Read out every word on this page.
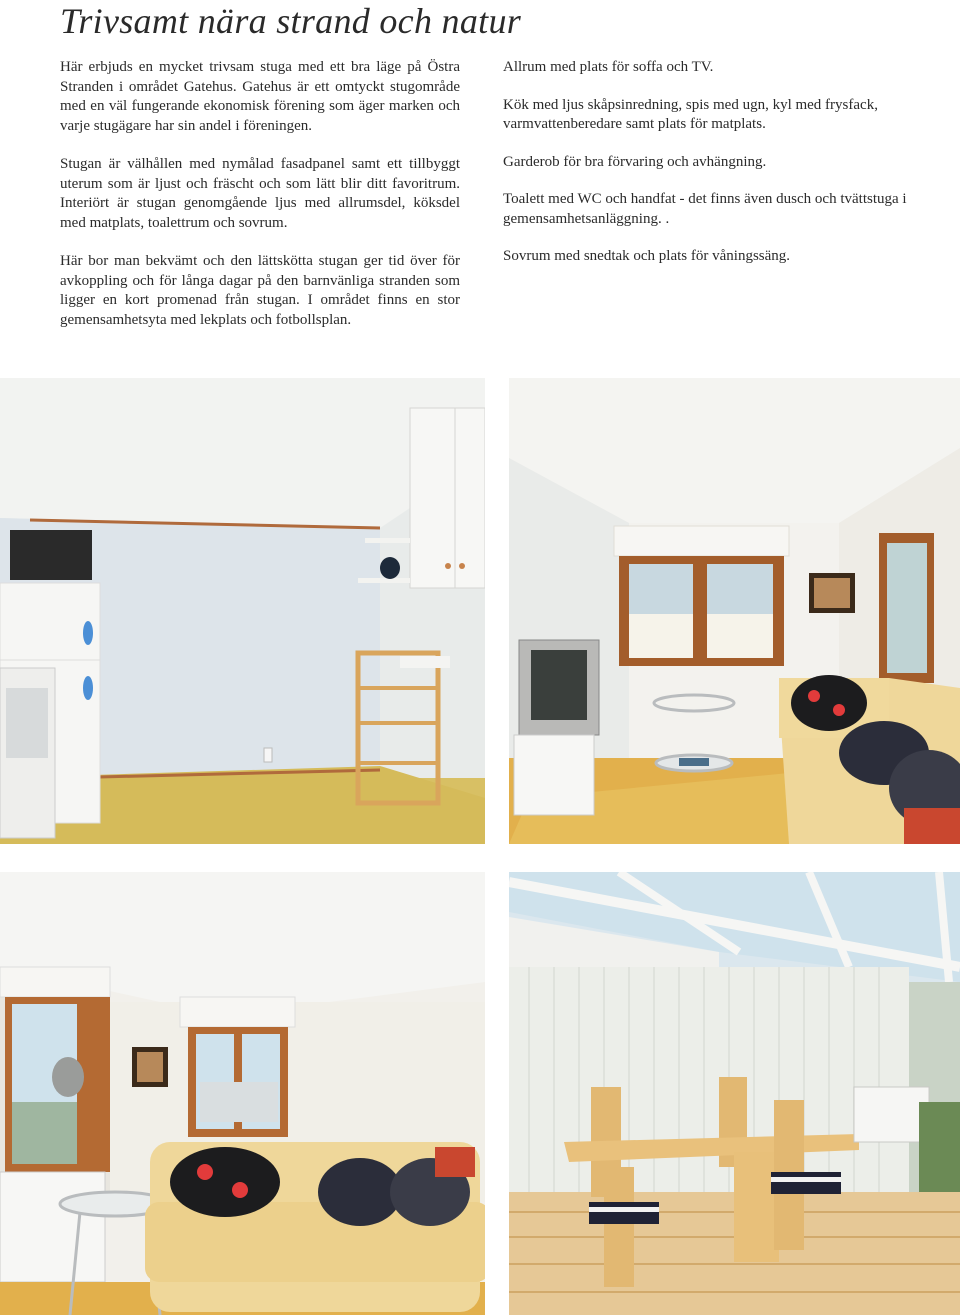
Trivsamt nära strand och natur

Här erbjuds en mycket trivsam stuga med ett bra läge på Östra Stranden i området Gatehus. Gatehus är ett omtyckt stugområde med en väl fungerande ekonomisk förening som äger marken och varje stugägare har sin andel i föreningen.

Stugan är välhållen med nymålad fasadpanel samt ett tillbyggt uterum som är ljust och fräscht och som lätt blir ditt favoritrum. Interiört är stugan genomgående ljus med allrumsdel, köksdel med matplats, toalettrum och sovrum.

Här bor man bekvämt och den lättskötta stugan ger tid över för avkoppling och för långa dagar på den barnvänliga stranden som ligger en kort promenad från stugan. I området finns en stor gemensamhetsyta med lekplats och fotbollsplan.

Allrum med plats för soffa och TV.

Kök med ljus skåpsinredning, spis med ugn, kyl med frysfack, varmvattenberedare samt plats för matplats.

Garderob för bra förvaring och avhängning.

Toalett med WC och handfat - det finns även dusch och tvättstuga i gemensamhetsanläggning. .

Sovrum med snedtak och plats för våningssäng.
